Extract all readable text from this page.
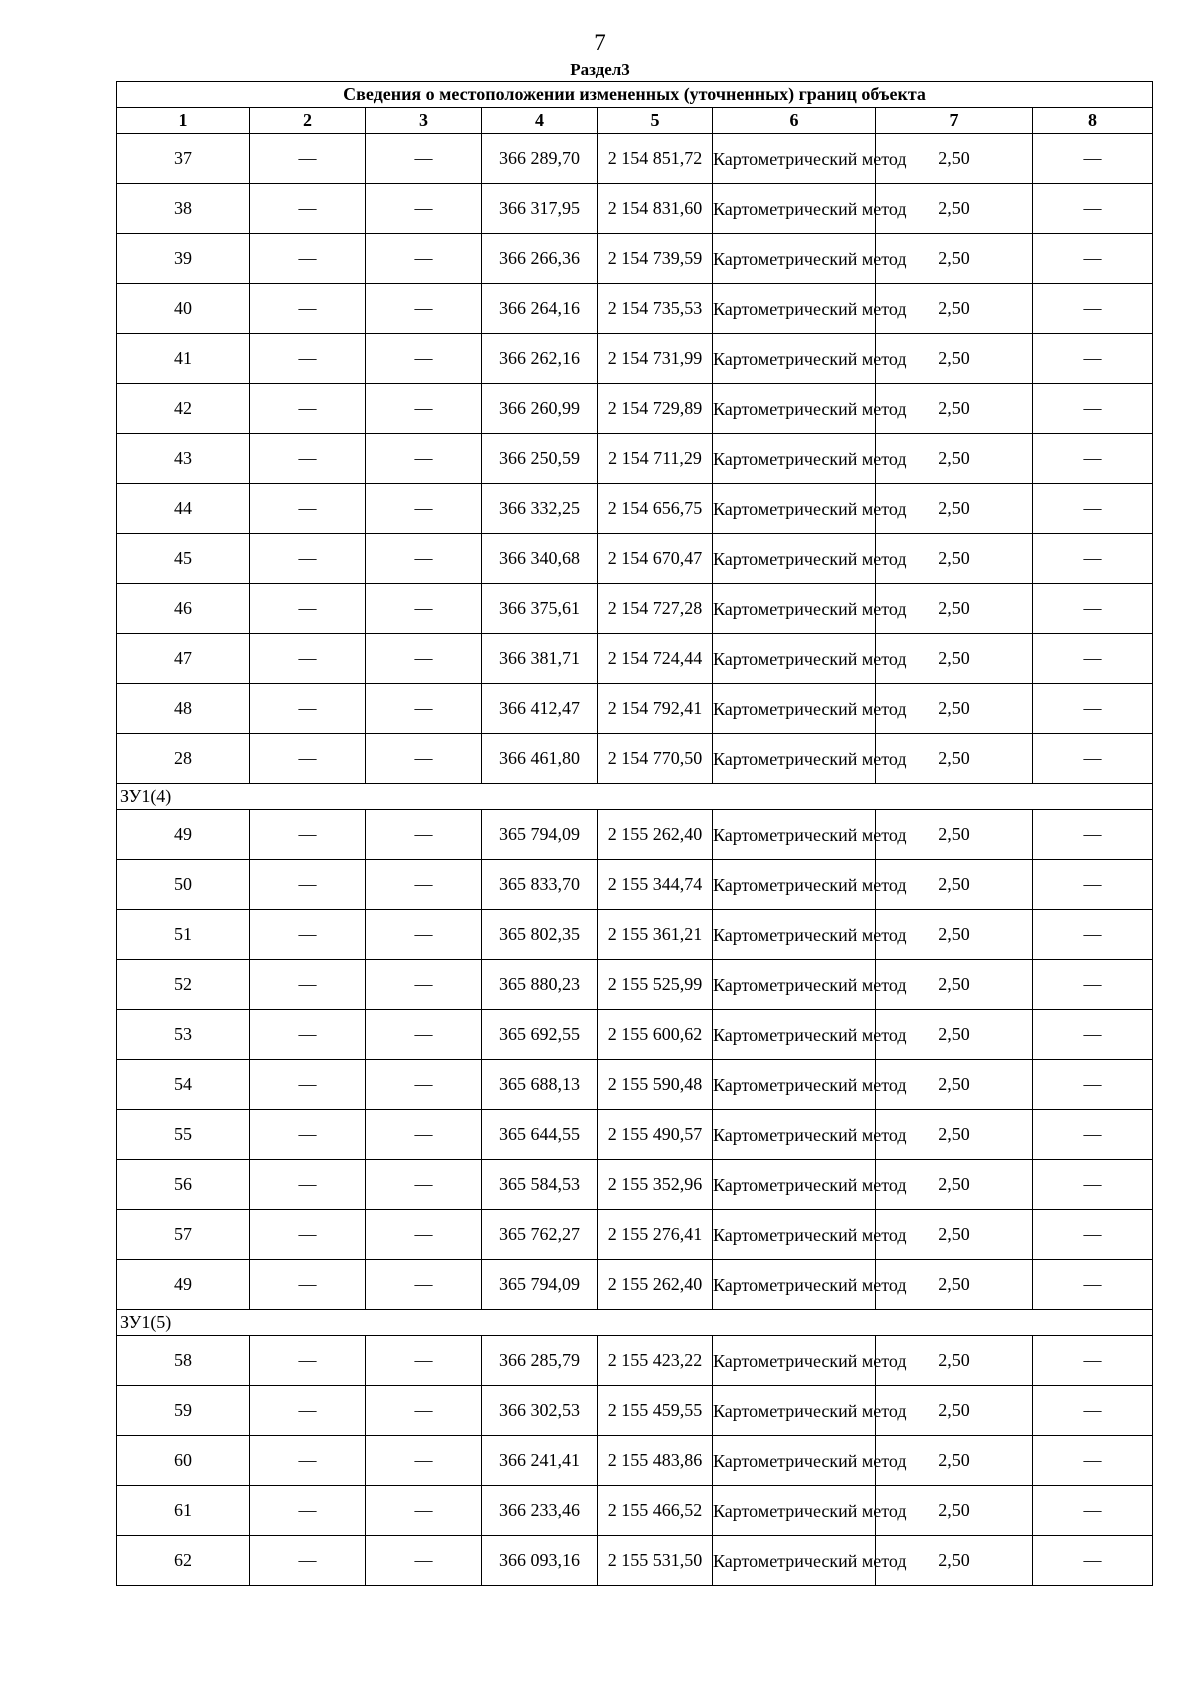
7
Раздел3
Сведения о местоположении измененных (уточненных) границ объекта							
1	2	3	4	5	6	7	8
37	—	—	366 289,70	2 154 851,72	Картометрический метод	2,50	—
38	—	—	366 317,95	2 154 831,60	Картометрический метод	2,50	—
39	—	—	366 266,36	2 154 739,59	Картометрический метод	2,50	—
40	—	—	366 264,16	2 154 735,53	Картометрический метод	2,50	—
41	—	—	366 262,16	2 154 731,99	Картометрический метод	2,50	—
42	—	—	366 260,99	2 154 729,89	Картометрический метод	2,50	—
43	—	—	366 250,59	2 154 711,29	Картометрический метод	2,50	—
44	—	—	366 332,25	2 154 656,75	Картометрический метод	2,50	—
45	—	—	366 340,68	2 154 670,47	Картометрический метод	2,50	—
46	—	—	366 375,61	2 154 727,28	Картометрический метод	2,50	—
47	—	—	366 381,71	2 154 724,44	Картометрический метод	2,50	—
48	—	—	366 412,47	2 154 792,41	Картометрический метод	2,50	—
28	—	—	366 461,80	2 154 770,50	Картометрический метод	2,50	—
ЗУ1(4)							
49	—	—	365 794,09	2 155 262,40	Картометрический метод	2,50	—
50	—	—	365 833,70	2 155 344,74	Картометрический метод	2,50	—
51	—	—	365 802,35	2 155 361,21	Картометрический метод	2,50	—
52	—	—	365 880,23	2 155 525,99	Картометрический метод	2,50	—
53	—	—	365 692,55	2 155 600,62	Картометрический метод	2,50	—
54	—	—	365 688,13	2 155 590,48	Картометрический метод	2,50	—
55	—	—	365 644,55	2 155 490,57	Картометрический метод	2,50	—
56	—	—	365 584,53	2 155 352,96	Картометрический метод	2,50	—
57	—	—	365 762,27	2 155 276,41	Картометрический метод	2,50	—
49	—	—	365 794,09	2 155 262,40	Картометрический метод	2,50	—
ЗУ1(5)							
58	—	—	366 285,79	2 155 423,22	Картометрический метод	2,50	—
59	—	—	366 302,53	2 155 459,55	Картометрический метод	2,50	—
60	—	—	366 241,41	2 155 483,86	Картометрический метод	2,50	—
61	—	—	366 233,46	2 155 466,52	Картометрический метод	2,50	—
62	—	—	366 093,16	2 155 531,50	Картометрический метод	2,50	—
